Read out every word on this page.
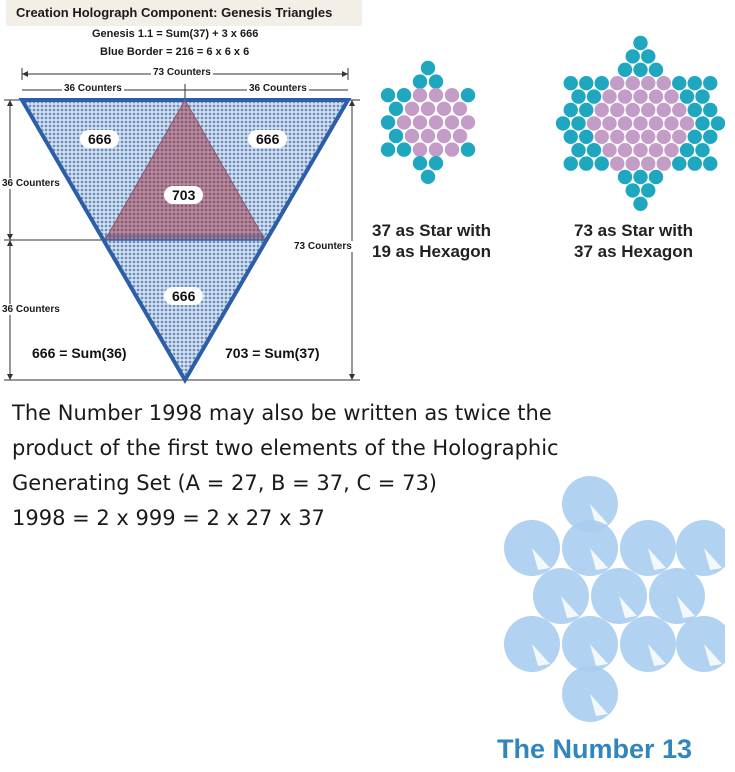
Creation Holograph Component: Genesis Triangles
Genesis 1.1 = Sum(37) + 3 x 666
Blue Border = 216 = 6 x 6 x 6
73 Counters
36 Counters	36 Counters
36 Counters
36 Counters
73 Counters
666	666
703
666
666 = Sum(36)	703 = Sum(37)
37 as Star with
19 as Hexagon
73 as Star with
37 as Hexagon
The Number 1998 may also be written as twice the
product of the first two elements of the Holographic
Generating Set (A = 27, B = 37, C = 73)
1998 = 2 x 999 = 2 x 27 x 37
The Number 13
